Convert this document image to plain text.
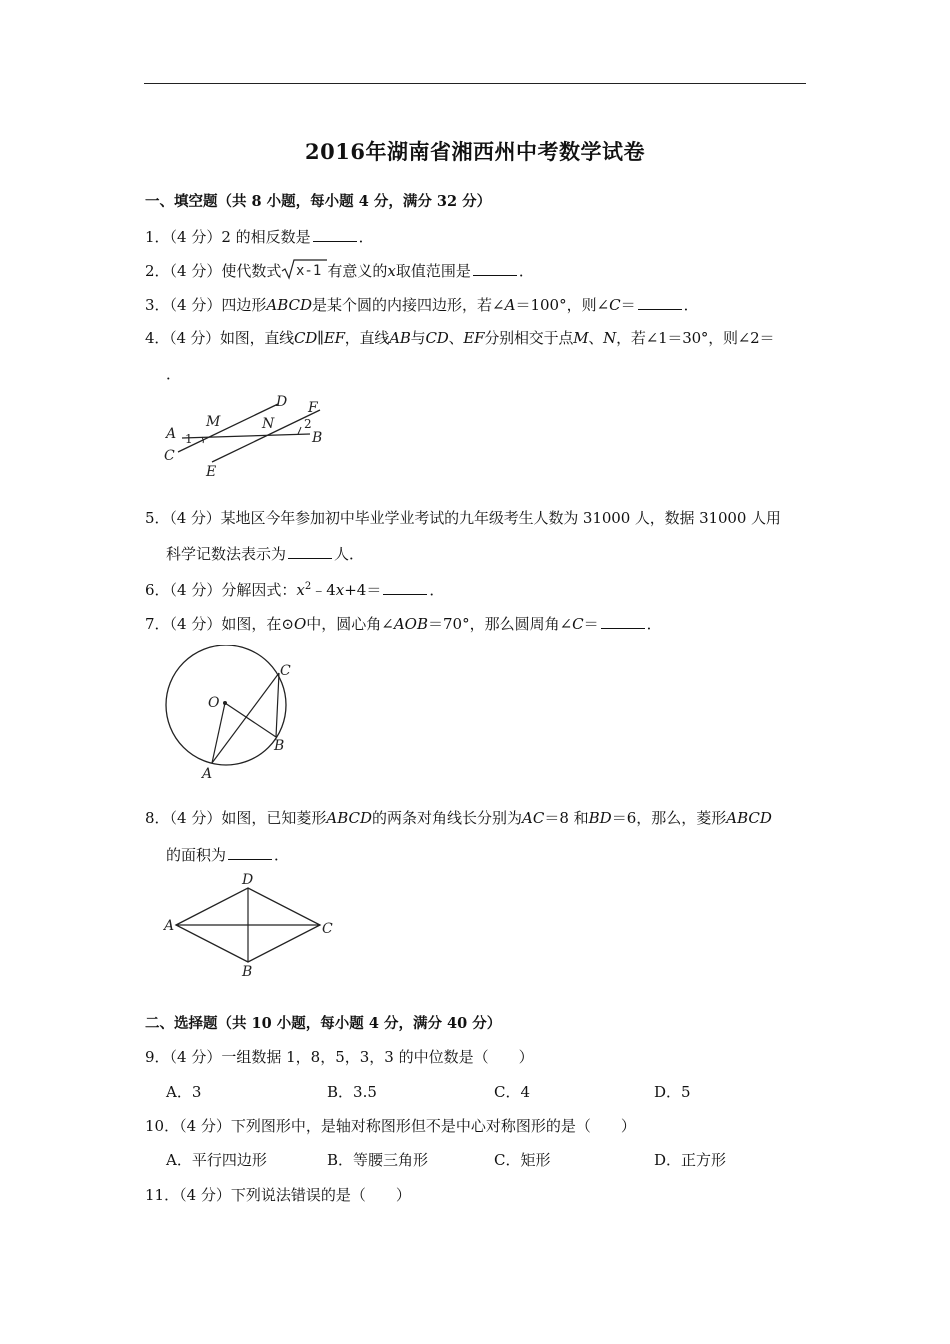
2016年湖南省湘西州中考数学试卷
一、填空题（共 8 小题，每小题 4 分，满分 32 分）
1．（4 分）2 的相反数是	．
2．（4 分）使代数式 x-1 有意义的x取值范围是	．
3．（4 分）四边形ABCD是某个圆的内接四边形，若∠A＝100°，则∠C＝	．
4．（4 分）如图，直线CD∥EF，直线AB与CD、EF分别相交于点M、N，若∠1＝30°，则∠2＝
．
A
M
D F
N
1
2
B
C
E
5．（4 分）某地区今年参加初中毕业学业考试的九年级考生人数为 31000 人，数据 31000 人用
科学记数法表示为	人．
6．（4 分）分解因式：$x^2﹣4x+4=$	．
7．（4 分）如图，在⊙O中，圆心角∠AOB＝70°，那么圆周角∠C＝	．
O
C
B
A
8．（4 分）如图，已知菱形ABCD的两条对角线长分别为AC＝8 和BD＝6，那么，菱形ABCD
的面积为	．
D
A	C
B
二、选择题（共 10 小题，每小题 4 分，满分 40 分）
9．（4 分）一组数据 1，8，5，3，3 的中位数是（　　）
A．3	B．3.5	C．4	D．5
10．（4 分）下列图形中，是轴对称图形但不是中心对称图形的是（　　）
A．平行四边形	B．等腰三角形	C．矩形	D．正方形
11．（4 分）下列说法错误的是（　　）
